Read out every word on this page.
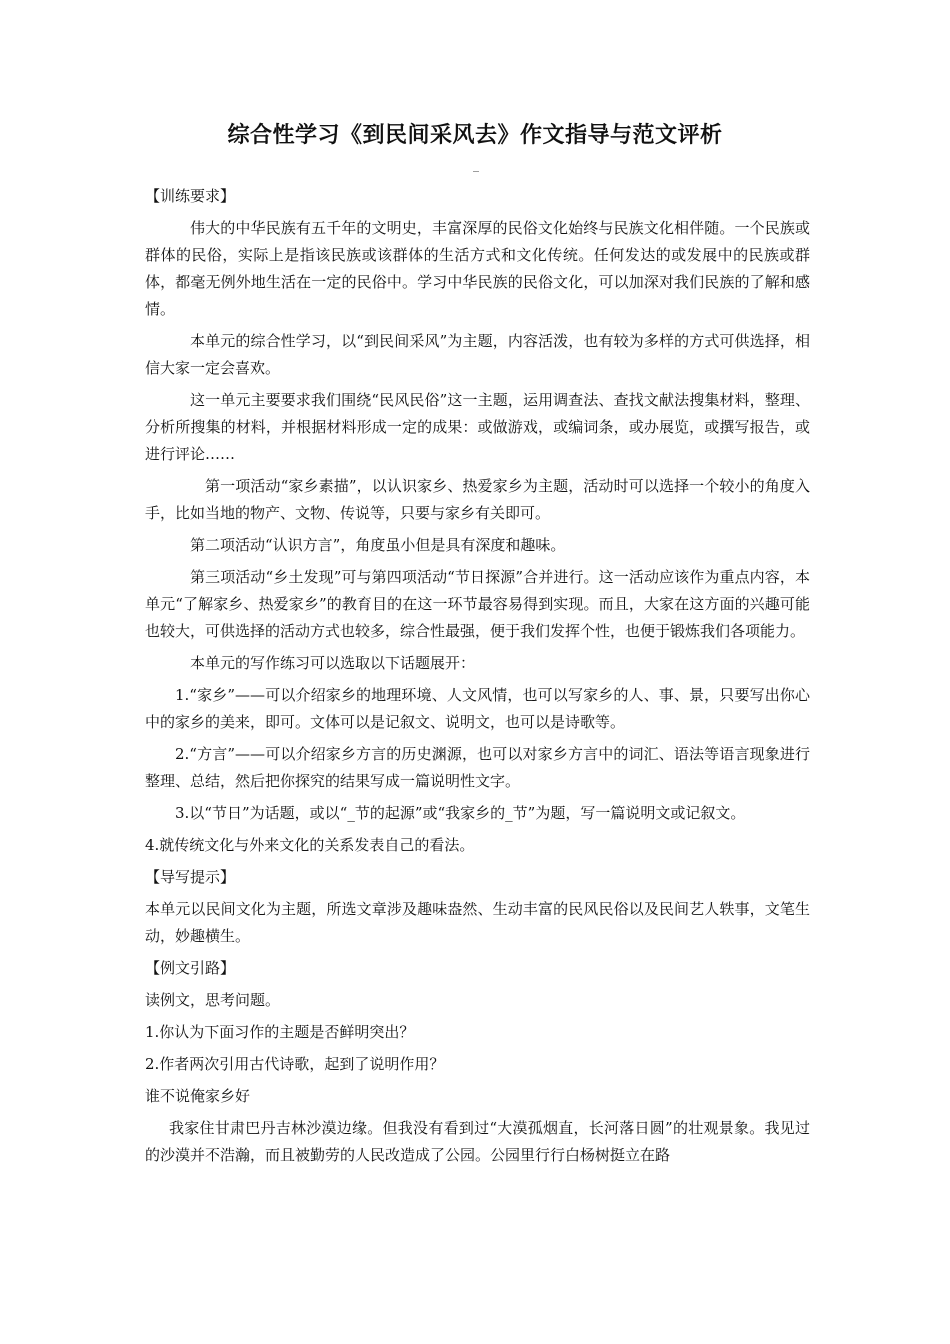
综合性学习《到民间采风去》作文指导与范文评析
_

【训练要求】

伟大的中华民族有五千年的文明史，丰富深厚的民俗文化始终与民族文化相伴随。一个民族或群体的民俗，实际上是指该民族或该群体的生活方式和文化传统。任何发达的或发展中的民族或群体，都毫无例外地生活在一定的民俗中。学习中华民族的民俗文化，可以加深对我们民族的了解和感情。

本单元的综合性学习，以“到民间采风”为主题，内容活泼，也有较为多样的方式可供选择，相信大家一定会喜欢。

这一单元主要要求我们围绕“民风民俗”这一主题，运用调查法、查找文献法搜集材料，整理、分析所搜集的材料，并根据材料形成一定的成果：或做游戏，或编词条，或办展览，或撰写报告，或进行评论……

第一项活动“家乡素描”，以认识家乡、热爱家乡为主题，活动时可以选择一个较小的角度入手，比如当地的物产、文物、传说等，只要与家乡有关即可。

第二项活动“认识方言”，角度虽小但是具有深度和趣味。

第三项活动“乡土发现”可与第四项活动“节日探源”合并进行。这一活动应该作为重点内容，本单元“了解家乡、热爱家乡”的教育目的在这一环节最容易得到实现。而且，大家在这方面的兴趣可能也较大，可供选择的活动方式也较多，综合性最强，便于我们发挥个性，也便于锻炼我们各项能力。

本单元的写作练习可以选取以下话题展开：

1.“家乡”——可以介绍家乡的地理环境、人文风情，也可以写家乡的人、事、景，只要写出你心中的家乡的美来，即可。文体可以是记叙文、说明文，也可以是诗歌等。

2.“方言”——可以介绍家乡方言的历史渊源，也可以对家乡方言中的词汇、语法等语言现象进行整理、总结，然后把你探究的结果写成一篇说明性文字。

3.以“节日”为话题，或以“_节的起源”或“我家乡的_节”为题，写一篇说明文或记叙文。

4.就传统文化与外来文化的关系发表自己的看法。

【导写提示】

本单元以民间文化为主题，所选文章涉及趣味盎然、生动丰富的民风民俗以及民间艺人轶事，文笔生动，妙趣横生。

【例文引路】

读例文，思考问题。

1.你认为下面习作的主题是否鲜明突出？

2.作者两次引用古代诗歌，起到了说明作用？

谁不说俺家乡好

我家住甘肃巴丹吉林沙漠边缘。但我没有看到过“大漠孤烟直，长河落日圆”的壮观景象。我见过的沙漠并不浩瀚，而且被勤劳的人民改造成了公园。公园里行行白杨树挺立在路
